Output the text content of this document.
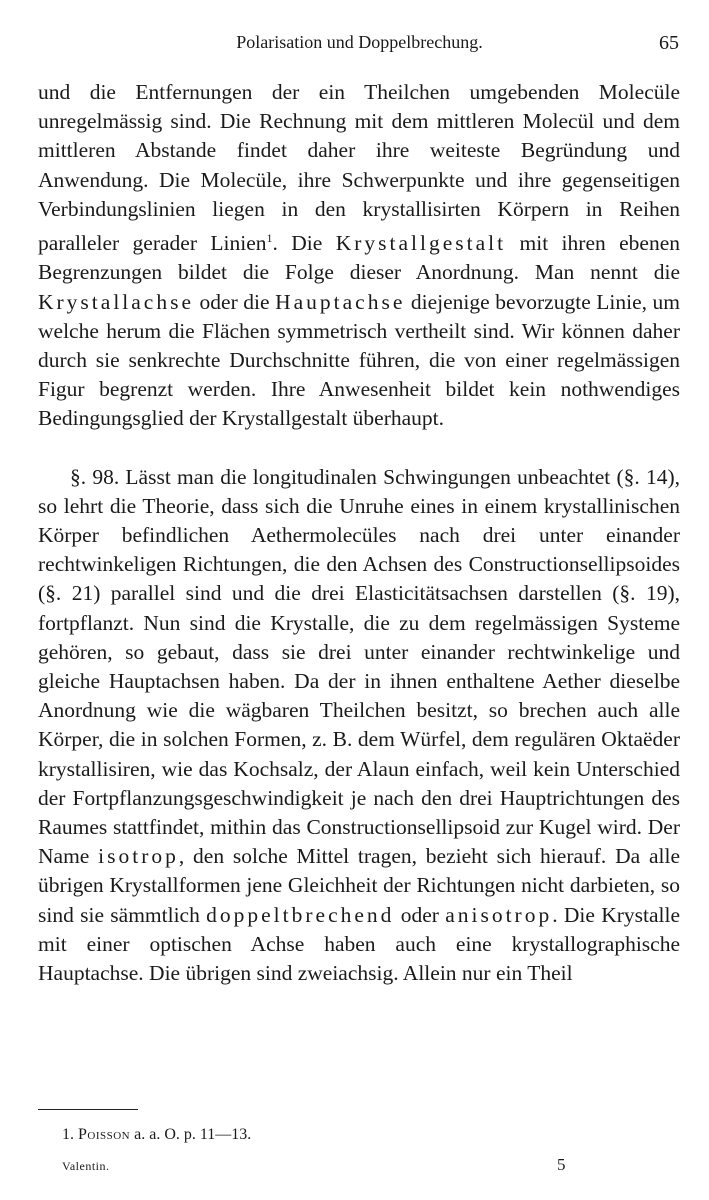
Polarisation und Doppelbrechung.	65

und die Entfernungen der ein Theilchen umgebenden Molecüle unregelmässig sind. Die Rechnung mit dem mittleren Molecül und dem mittleren Abstande findet daher ihre weiteste Begründung und Anwendung. Die Molecüle, ihre Schwerpunkte und ihre gegenseitigen Verbindungslinien liegen in den krystallisirten Körpern in Reihen paralleler gerader Linien$^1$. Die Krystallgestalt mit ihren ebenen Begrenzungen bildet die Folge dieser Anordnung. Man nennt die Krystallachse oder die Hauptachse diejenige bevorzugte Linie, um welche herum die Flächen symmetrisch vertheilt sind. Wir können daher durch sie senkrechte Durchschnitte führen, die von einer regelmässigen Figur begrenzt werden. Ihre Anwesenheit bildet kein nothwendiges Bedingungsglied der Krystallgestalt überhaupt.

§. 98. Lässt man die longitudinalen Schwingungen unbeachtet (§. 14), so lehrt die Theorie, dass sich die Unruhe eines in einem krystallinischen Körper befindlichen Aethermolecüles nach drei unter einander rechtwinkeligen Richtungen, die den Achsen des Constructionsellipsoides (§. 21) parallel sind und die drei Elasticitätsachsen darstellen (§. 19), fortpflanzt. Nun sind die Krystalle, die zu dem regelmässigen Systeme gehören, so gebaut, dass sie drei unter einander rechtwinkelige und gleiche Hauptachsen haben. Da der in ihnen enthaltene Aether dieselbe Anordnung wie die wägbaren Theilchen besitzt, so brechen auch alle Körper, die in solchen Formen, z. B. dem Würfel, dem regulären Oktaëder krystallisiren, wie das Kochsalz, der Alaun einfach, weil kein Unterschied der Fortpflanzungsgeschwindigkeit je nach den drei Hauptrichtungen des Raumes stattfindet, mithin das Constructionsellipsoid zur Kugel wird. Der Name isotrop, den solche Mittel tragen, bezieht sich hierauf. Da alle übrigen Krystallformen jene Gleichheit der Richtungen nicht darbieten, so sind sie sämmtlich doppeltbrechend oder anisotrop. Die Krystalle mit einer optischen Achse haben auch eine krystallographische Hauptachse. Die übrigen sind zweiachsig. Allein nur ein Theil

1. Poisson a. a. O. p. 11—13.
Valentin.	5
